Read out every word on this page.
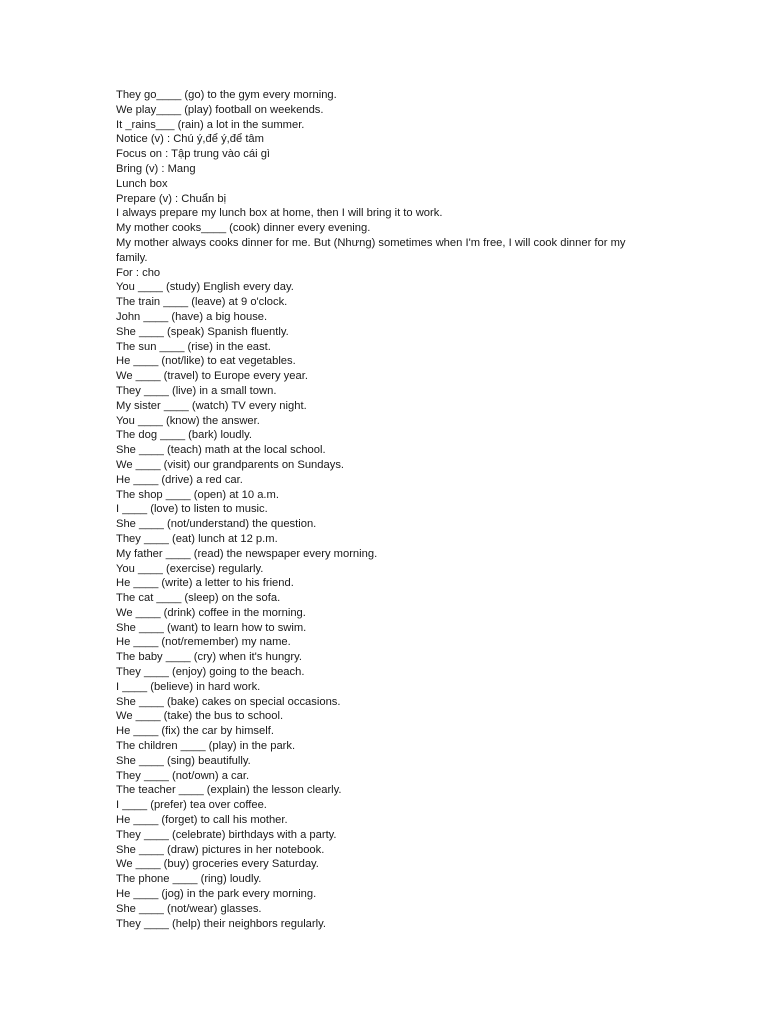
They go____ (go) to the gym every morning.

We play____ (play) football on weekends.

It _rains___ (rain) a lot in the summer.

Notice (v) : Chú ý,để ý,để tâm

Focus on : Tập trung vào cái gì

Bring (v) : Mang

Lunch box

Prepare (v) : Chuẩn bị

I always prepare my lunch box at home, then I will bring it to work.

My mother cooks____ (cook) dinner every evening.

My mother always cooks dinner for me. But (Nhưng) sometimes when I'm free, I will cook dinner for my family.

For : cho

You ____ (study) English every day.

The train ____ (leave) at 9 o'clock.

John ____ (have) a big house.

She ____ (speak) Spanish fluently.

The sun ____ (rise) in the east.

He ____ (not/like) to eat vegetables.

We ____ (travel) to Europe every year.

They ____ (live) in a small town.

My sister ____ (watch) TV every night.

You ____ (know) the answer.

The dog ____ (bark) loudly.

She ____ (teach) math at the local school.

We ____ (visit) our grandparents on Sundays.

He ____ (drive) a red car.

The shop ____ (open) at 10 a.m.

I ____ (love) to listen to music.

She ____ (not/understand) the question.

They ____ (eat) lunch at 12 p.m.

My father ____ (read) the newspaper every morning.

You ____ (exercise) regularly.

He ____ (write) a letter to his friend.

The cat ____ (sleep) on the sofa.

We ____ (drink) coffee in the morning.

She ____ (want) to learn how to swim.

He ____ (not/remember) my name.

The baby ____ (cry) when it's hungry.

They ____ (enjoy) going to the beach.

I ____ (believe) in hard work.

She ____ (bake) cakes on special occasions.

We ____ (take) the bus to school.

He ____ (fix) the car by himself.

The children ____ (play) in the park.

She ____ (sing) beautifully.

They ____ (not/own) a car.

The teacher ____ (explain) the lesson clearly.

I ____ (prefer) tea over coffee.

He ____ (forget) to call his mother.

They ____ (celebrate) birthdays with a party.

She ____ (draw) pictures in her notebook.

We ____ (buy) groceries every Saturday.

The phone ____ (ring) loudly.

He ____ (jog) in the park every morning.

She ____ (not/wear) glasses.

They ____ (help) their neighbors regularly.
